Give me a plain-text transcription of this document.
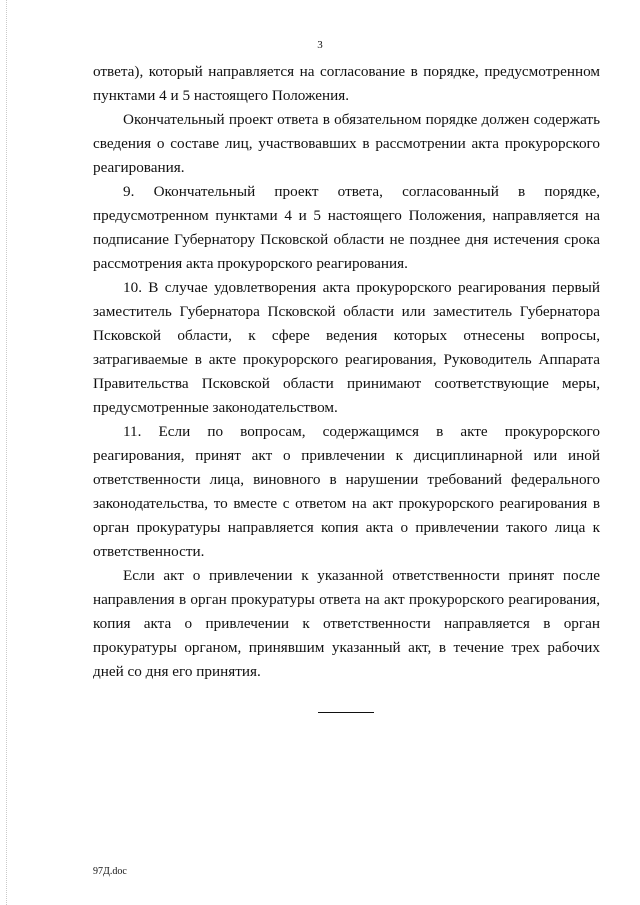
3

ответа), который направляется на согласование в порядке, предусмотренном пунктами 4 и 5 настоящего Положения.

Окончательный проект ответа в обязательном порядке должен содержать сведения о составе лиц, участвовавших в рассмотрении акта прокурорского реагирования.

9. Окончательный проект ответа, согласованный в порядке, предусмотренном пунктами 4 и 5 настоящего Положения, направляется на подписание Губернатору Псковской области не позднее дня истечения срока рассмотрения акта прокурорского реагирования.

10. В случае удовлетворения акта прокурорского реагирования первый заместитель Губернатора Псковской области или заместитель Губернатора Псковской области, к сфере ведения которых отнесены вопросы, затрагиваемые в акте прокурорского реагирования, Руководитель Аппарата Правительства Псковской области принимают соответствующие меры, предусмотренные законодательством.

11. Если по вопросам, содержащимся в акте прокурорского реагирования, принят акт о привлечении к дисциплинарной или иной ответственности лица, виновного в нарушении требований федерального законодательства, то вместе с ответом на акт прокурорского реагирования в орган прокуратуры направляется копия акта о привлечении такого лица к ответственности.

Если акт о привлечении к указанной ответственности принят после направления в орган прокуратуры ответа на акт прокурорского реагирования, копия акта о привлечении к ответственности направляется в орган прокуратуры органом, принявшим указанный акт, в течение трех рабочих дней со дня его принятия.

97Д.doc
